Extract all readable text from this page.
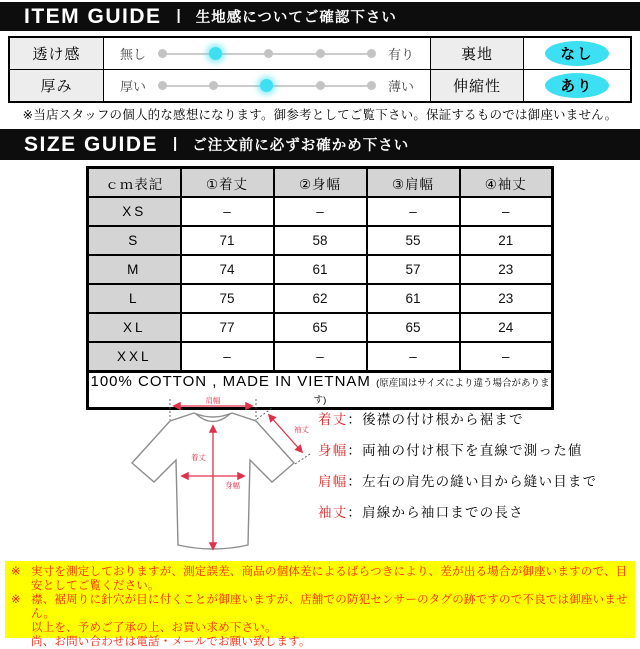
ITEM GUIDE | 生地感についてご確認下さい
透け感	無し	有り	裏地	なし
厚み	厚い	薄い	伸縮性	あり
※当店スタッフの個人的な感想になります。御参考としてご覧下さい。保証するものでは御座いません。
SIZE GUIDE | ご注文前に必ずお確かめ下さい
ｃｍ表記	①着丈	②身幅	③肩幅	④袖丈
XS	–	–	–	–
S	71	58	55	21
M	74	61	57	23
L	75	62	61	23
XL	77	65	65	24
XXL	–	–	–	–
100% COTTON , MADE IN VIETNAM (原産国はサイズにより違う場合があります)				
肩幅
着丈
身幅
袖丈
着丈：後襟の付け根から裾まで
身幅：両袖の付け根下を直線で測った値
肩幅：左右の肩先の縫い目から縫い目まで
袖丈：肩線から袖口までの長さ
※ 実寸を測定しておりますが、測定誤差、商品の個体差によるばらつきにより、差が出る場合が御座いますので、目安としてご覧ください。
※ 襟、裾周りに針穴が目に付くことが御座いますが、店舗での防犯センサーのタグの跡ですので不良では御座いません。
以上を、予めご了承の上、お買い求め下さい。
尚、お問い合わせは電話・メールでお願い致します。
